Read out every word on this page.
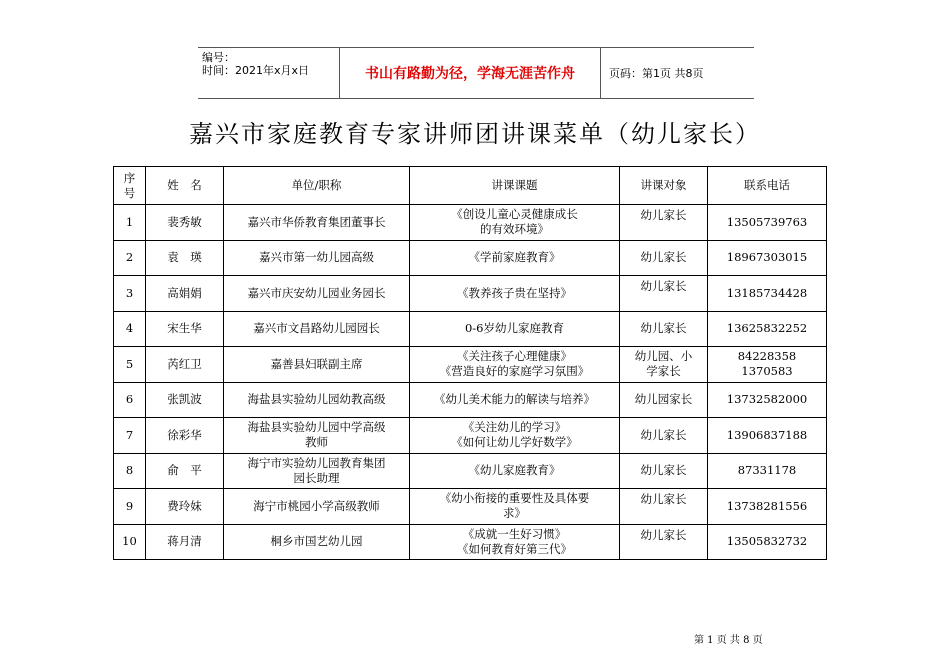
编号：
时间：2021年x月x日	书山有路勤为径，学海无涯苦作舟	页码：第1页 共8页
嘉兴市家庭教育专家讲师团讲课菜单（幼儿家长）
序
号	姓　名	单位/职称	讲课课题	讲课对象	联系电话
1	裴秀敏	嘉兴市华侨教育集团董事长	《创设儿童心灵健康成长
的有效环境》	幼儿家长	13505739763

2	袁　瑛	嘉兴市第一幼儿园高级	《学前家庭教育》	幼儿家长	18967303015

3	高娟娟	嘉兴市庆安幼儿园业务园长	《教养孩子贵在坚持》	幼儿家长	13185734428

4	宋生华	嘉兴市文昌路幼儿园园长	0-6岁幼儿家庭教育	幼儿家长	13625832252

5	芮红卫	嘉善县妇联副主席	《关注孩子心理健康》
《营造良好的家庭学习氛围》	幼儿园、小
学家长	84228358
1370583

6	张凯波	海盐县实验幼儿园幼教高级	《幼儿美术能力的解读与培养》	幼儿园家长	13732582000

7	徐彩华	海盐县实验幼儿园中学高级
教师	《关注幼儿的学习》
《如何让幼儿学好数学》	幼儿家长	13906837188

8	俞　平	海宁市实验幼儿园教育集团
园长助理	《幼儿家庭教育》	幼儿家长	87331178

9	费玲妹	海宁市桃园小学高级教师	《幼小衔接的重要性及具体要
求》	幼儿家长	13738281556

10	蒋月清	桐乡市国艺幼儿园	《成就一生好习惯》
《如何教育好第三代》	幼儿家长	13505832732
第 1 页 共 8 页
